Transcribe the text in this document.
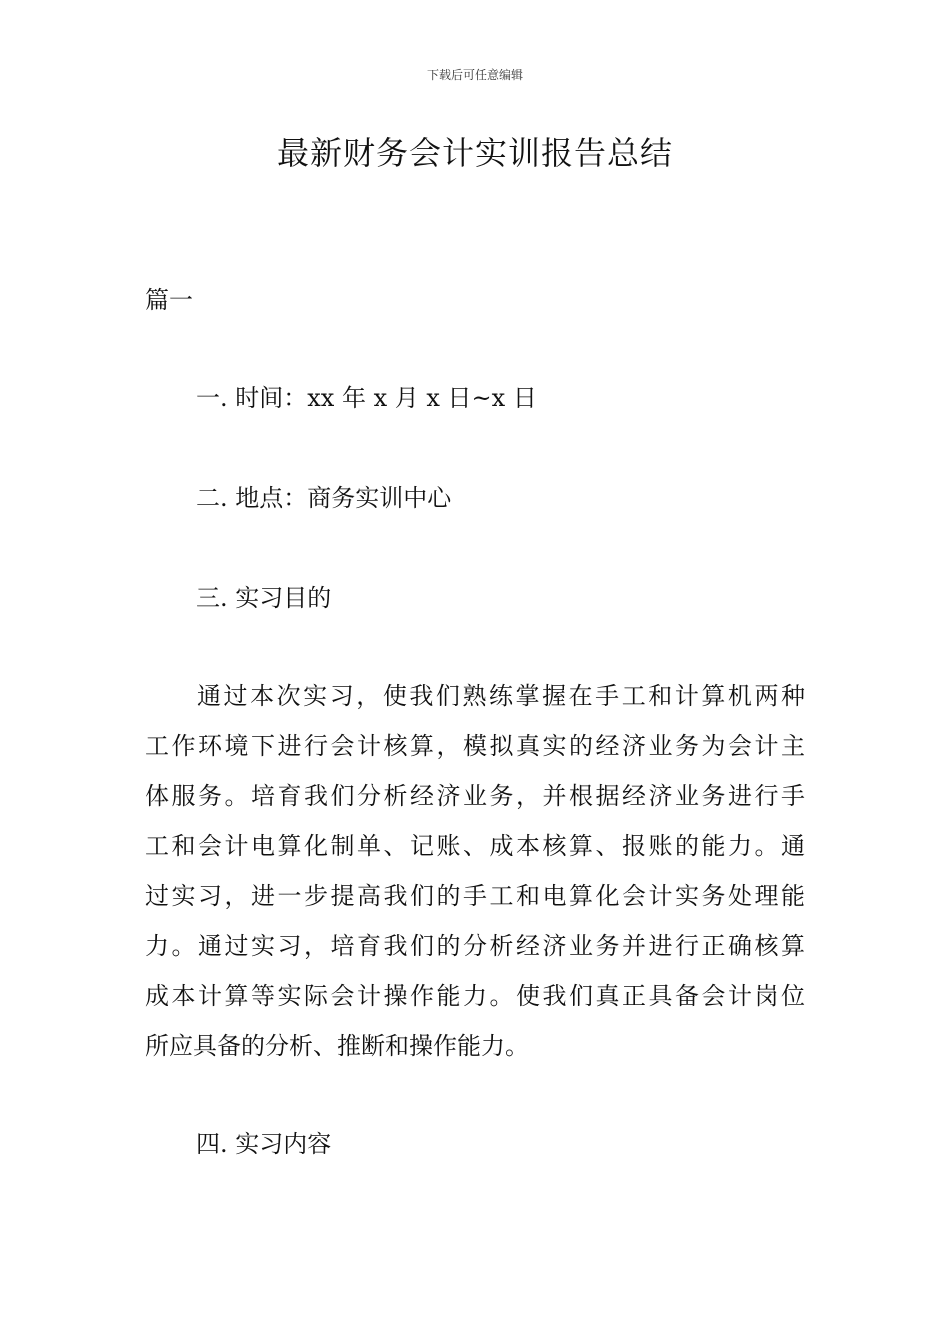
下载后可任意编辑
最新财务会计实训报告总结
篇一
一. 时间：xx 年 x 月 x 日~x 日
二. 地点：商务实训中心
三. 实习目的
通过本次实习，使我们熟练掌握在手工和计算机两种
工作环境下进行会计核算，模拟真实的经济业务为会计主
体服务。培育我们分析经济业务，并根据经济业务进行手
工和会计电算化制单、记账、成本核算、报账的能力。通
过实习，进一步提高我们的手工和电算化会计实务处理能
力。通过实习，培育我们的分析经济业务并进行正确核算
成本计算等实际会计操作能力。使我们真正具备会计岗位
所应具备的分析、推断和操作能力。
四. 实习内容
